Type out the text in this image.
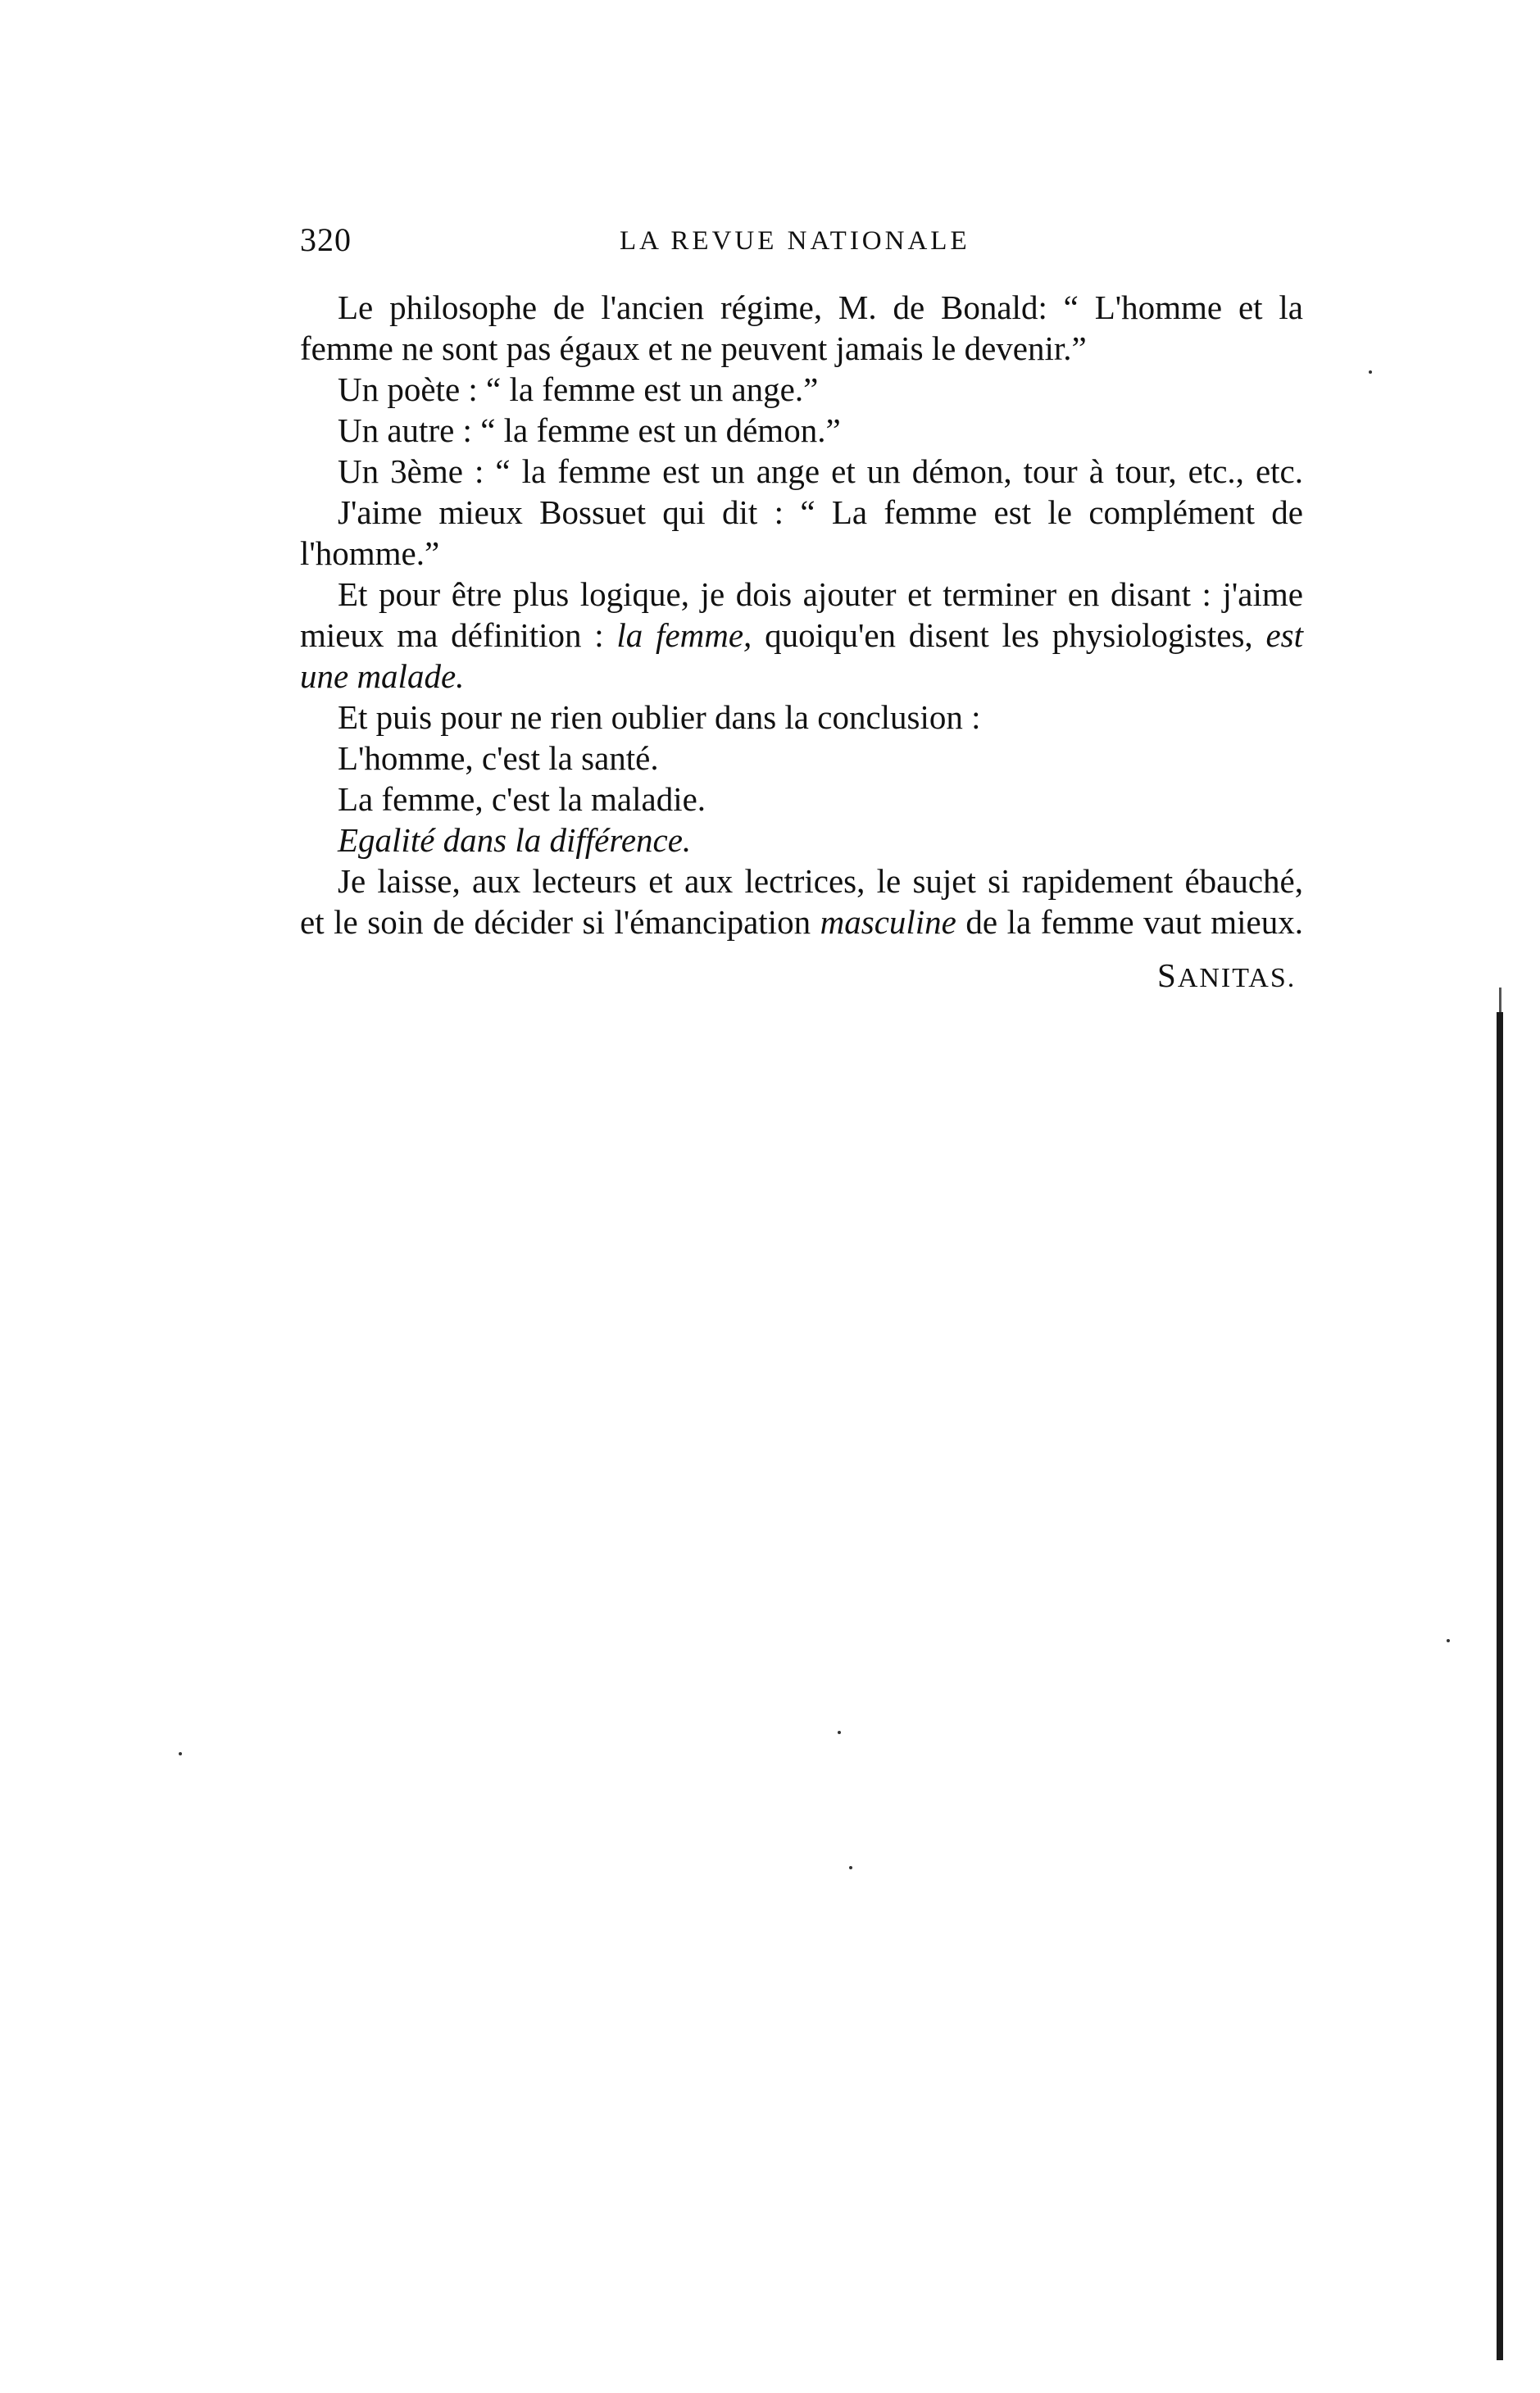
320	LA REVUE NATIONALE
Le philosophe de l'ancien régime, M. de Bonald: “ L'homme et la
femme ne sont pas égaux et ne peuvent jamais le devenir.”
Un poète : “ la femme est un ange.”
Un autre : “ la femme est un démon.”
Un 3ème : “ la femme est un ange et un démon, tour à tour, etc., etc.
J'aime mieux Bossuet qui dit : “ La femme est le complément de
l'homme.”
Et pour être plus logique, je dois ajouter et terminer en disant : j'aime
mieux ma définition : la femme, quoiqu'en disent les physiologistes, est
une malade.
Et puis pour ne rien oublier dans la conclusion :
L'homme, c'est la santé.
La femme, c'est la maladie.
Egalité dans la différence.
Je laisse, aux lecteurs et aux lectrices, le sujet si rapidement ébauché,
et le soin de décider si l'émancipation masculine de la femme vaut mieux.
SANITAS.
